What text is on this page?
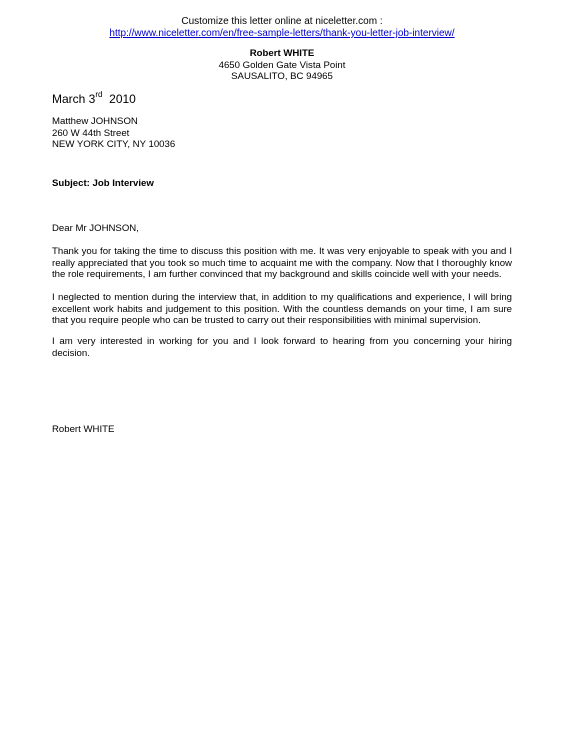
Customize this letter online at niceletter.com :
http://www.niceletter.com/en/free-sample-letters/thank-you-letter-job-interview/
Robert WHITE
4650 Golden Gate Vista Point
SAUSALITO, BC 94965
March 3rd 2010
Matthew JOHNSON
260 W 44th Street
NEW YORK CITY, NY 10036
Subject: Job Interview
Dear Mr JOHNSON,
Thank you for taking the time to discuss this position with me. It was very enjoyable to speak with you and I really appreciated that you took so much time to acquaint me with the company. Now that I thoroughly know the role requirements, I am further convinced that my background and skills coincide well with your needs.
I neglected to mention during the interview that, in addition to my qualifications and experience, I will bring excellent work habits and judgement to this position. With the countless demands on your time, I am sure that you require people who can be trusted to carry out their responsibilities with minimal supervision.
I am very interested in working for you and I look forward to hearing from you concerning your hiring decision.
Robert WHITE
